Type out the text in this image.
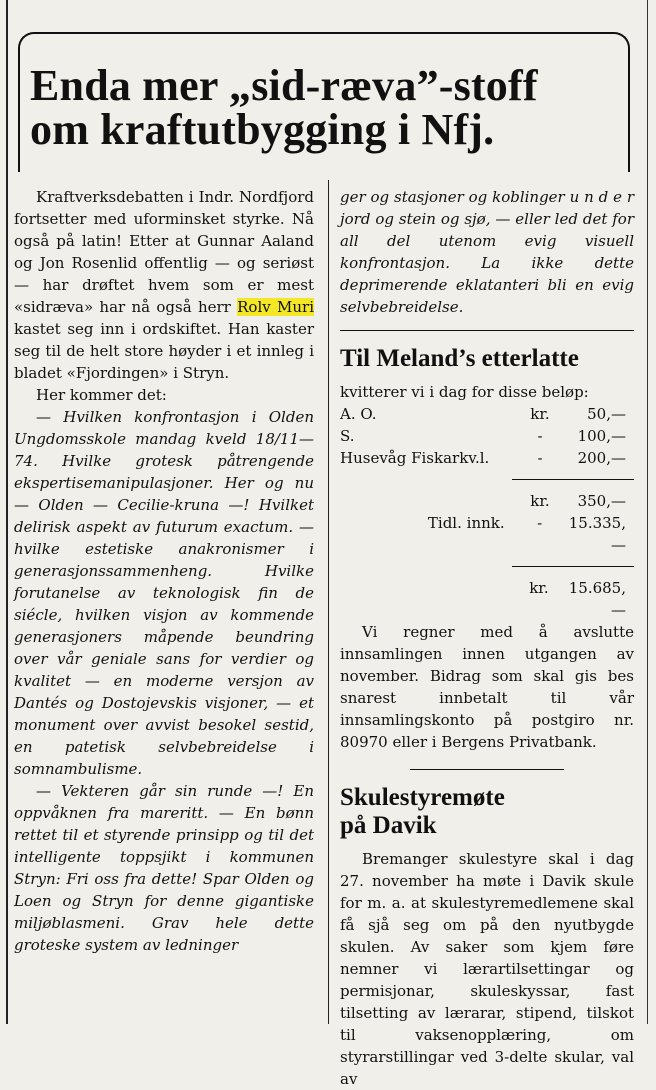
Enda mer „sid-ræva”-stoff
om kraftutbygging i Nfj.

Kraftverksdebatten i Indr. Nordfjord fortsetter med uforminsket styrke. Nå også på latin! Etter at Gunnar Aaland og Jon Rosenlid offentlig — og seriøst — har drøftet hvem som er mest «sidræva» har nå også herr Rolv Muri kastet seg inn i ordskiftet. Han kaster seg til de helt store høyder i et innleg i bladet «Fjordingen» i Stryn.

Her kommer det:

— Hvilken konfrontasjon i Olden Ungdomsskole mandag kveld 18/11—74. Hvilke grotesk påtrengende ekspertisemanipulasjoner. Her og nu — Olden — Cecilie-kruna —! Hvilket delirisk aspekt av futurum exactum. — hvilke estetiske anakronismer i generasjonssammenheng. Hvilke forutanelse av teknologisk fin de siécle, hvilken visjon av kommende generasjoners måpende beundring over vår geniale sans for verdier og kvalitet — en moderne versjon av Dantés og Dostojevskis visjoner, — et monument over avvist besokel sestid, en patetisk selvbebreidelse i somnambulisme.

— Vekteren går sin runde —! En oppvåknen fra mareritt. — En bønn rettet til et styrende prinsipp og til det intelligente toppsjikt i kommunen Stryn: Fri oss fra dette! Spar Olden og Loen og Stryn for denne gigantiske miljøblasmeni. Grav hele dette groteske system av ledninger

ger og stasjoner og koblinger u n d e r jord og stein og sjø, — eller led det for all del utenom evig visuell konfrontasjon. La ikke dette deprimerende eklatanteri bli en evig selvbebreidelse.

Til Meland’s etterlatte

kvitterer vi i dag for disse beløp:

A. O.	kr.	50,—
S.	-	100,—
Husevåg Fiskarkv.l.	-	200,—
kr.	350,—
Tidl. innk.	-	15.335,—
kr.	15.685,—

Vi regner med å avslutte innsamlingen innen utgangen av november. Bidrag som skal gis bes snarest innbetalt til vår innsamlingskonto på postgiro nr. 80970 eller i Bergens Privatbank.

Skulestyremøte
på Davik

Bremanger skulestyre skal i dag 27. november ha møte i Davik skule for m. a. at skulestyremedlemene skal få sjå seg om på den nyutbygde skulen. Av saker som kjem føre nemner vi lærartilsettingar og permisjonar, skuleskyssar, fast tilsetting av lærarar, stipend, tilskot til vaksenopplæring, om styrarstillingar ved 3-delte skular, val av
